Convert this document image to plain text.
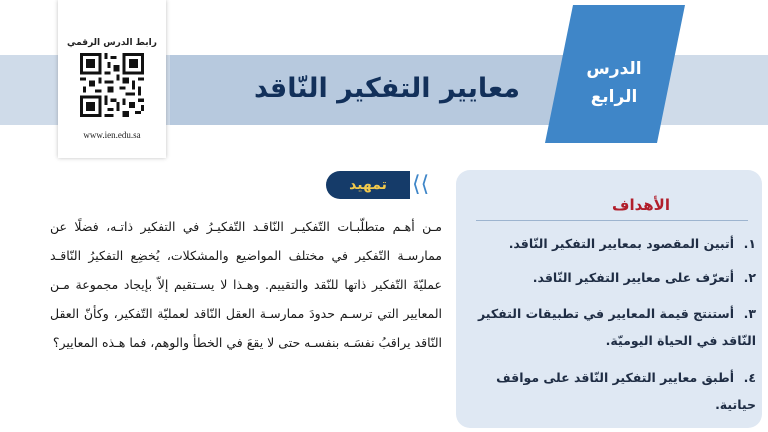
معايير التفكير النّاقد
الدرس
الرابع
رابط الدرس الرقمي
www.ien.edu.sa
تمهيد	⟨⟨
مـن أهـم متطلّبـات التّفكيـر النّاقـد التّفكيـرُ في التفكير ذاتـه، فضلًا عن ممارسـة التّفكير في مختلف المواضيع والمشكلات، يُخضِع التفكيرُ النّاقـد عمليّةَ التّفكير ذاتها للنّقد والتقييم. وهـذا لا يسـتقيم إلاّ بإيجاد مجموعة مـن المعايير التي ترسـم حدودَ ممارسـة العقل النّاقد لعمليّة التّفكير، وكأنّ العقل النّاقد يراقبُ نفسَـه بنفسـه حتى لا يقعَ في الخطأ والوهم، فما هـذه المعايير؟
الأهداف
١.أتبين المقصود بمعايير التفكير النّاقد.
٢.أتعرّف على معايير التفكير النّاقد.
٣.أستنتج قيمة المعايير في تطبيقات التفكير النّاقد في الحياة اليوميّة.
٤.أطبق معايير التفكير النّاقد على مواقف حياتية.
